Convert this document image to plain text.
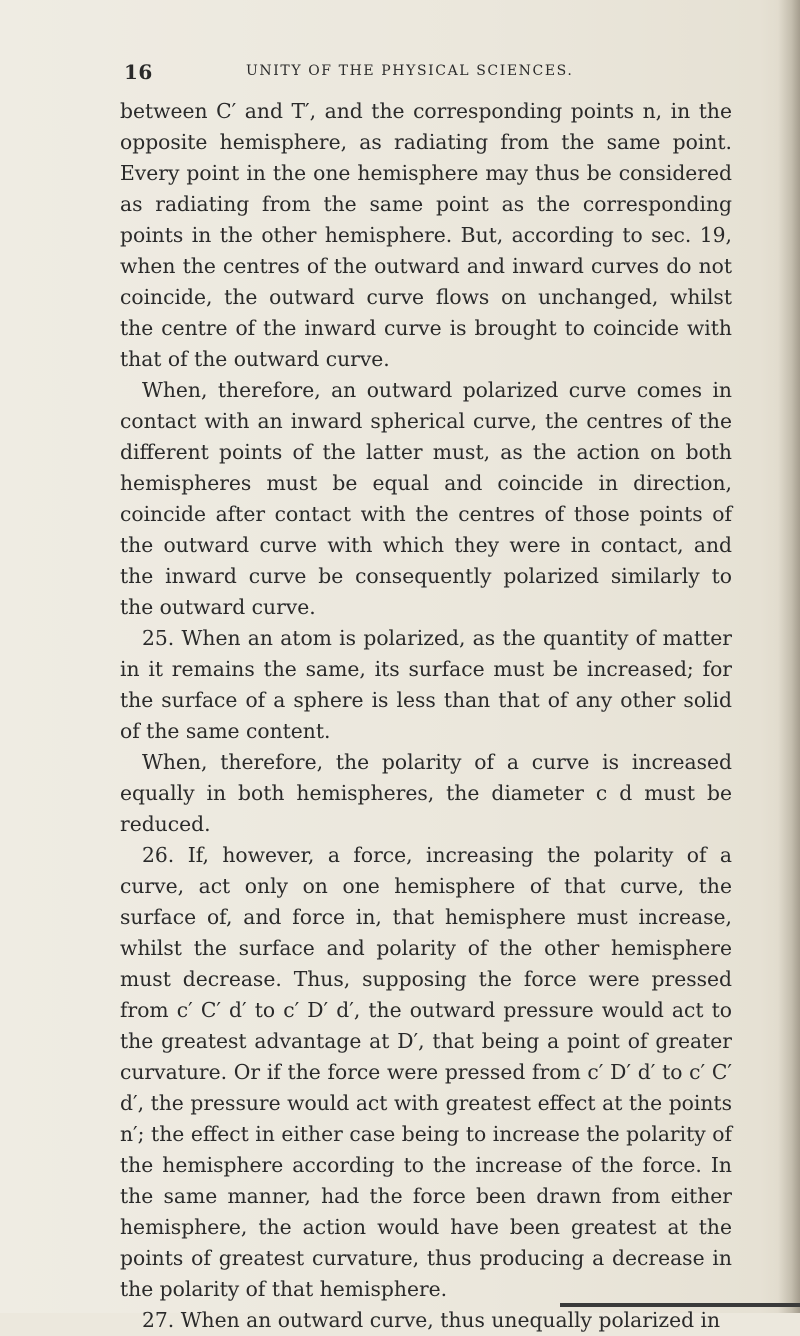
16	UNITY OF THE PHYSICAL SCIENCES.

between C′ and T′, and the corresponding points n, in the opposite hemisphere, as radiating from the same point. Every point in the one hemisphere may thus be considered as radiating from the same point as the corresponding points in the other hemisphere. But, according to sec. 19, when the centres of the outward and inward curves do not coincide, the outward curve flows on unchanged, whilst the centre of the inward curve is brought to coincide with that of the outward curve.

When, therefore, an outward polarized curve comes in contact with an inward spherical curve, the centres of the different points of the latter must, as the action on both hemispheres must be equal and coincide in direction, coincide after contact with the centres of those points of the outward curve with which they were in contact, and the inward curve be consequently polarized similarly to the outward curve.

25. When an atom is polarized, as the quantity of matter in it remains the same, its surface must be increased; for the surface of a sphere is less than that of any other solid of the same content.

When, therefore, the polarity of a curve is increased equally in both hemispheres, the diameter c d must be reduced.

26. If, however, a force, increasing the polarity of a curve, act only on one hemisphere of that curve, the surface of, and force in, that hemisphere must increase, whilst the surface and polarity of the other hemisphere must decrease. Thus, supposing the force were pressed from c′ C′ d′ to c′ D′ d′, the outward pressure would act to the greatest advantage at D′, that being a point of greater curvature. Or if the force were pressed from c′ D′ d′ to c′ C′ d′, the pressure would act with greatest effect at the points n′; the effect in either case being to increase the polarity of the hemisphere according to the increase of the force. In the same manner, had the force been drawn from either hemisphere, the action would have been greatest at the points of greatest curvature, thus producing a decrease in the polarity of that hemisphere.

27. When an outward curve, thus unequally polarized in
